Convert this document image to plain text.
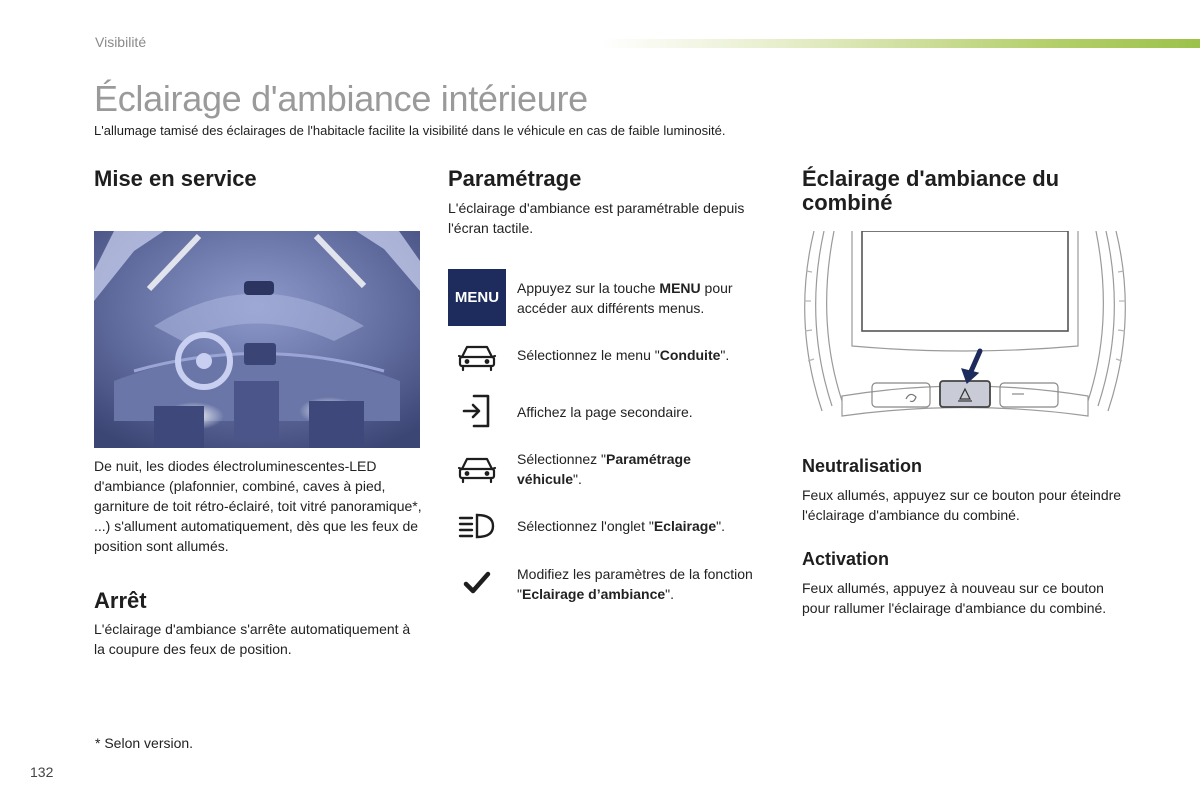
Visibilité
Éclairage d'ambiance intérieure

L'allumage tamisé des éclairages de l'habitacle facilite la visibilité dans le véhicule en cas de faible luminosité.

Mise en service

De nuit, les diodes électroluminescentes-LED d'ambiance (plafonnier, combiné, caves à pied, garniture de toit rétro-éclairé, toit vitré panoramique*, ...) s'allument automatiquement, dès que les feux de position sont allumés.

Arrêt

L'éclairage d'ambiance s'arrête automatiquement à la coupure des feux de position.

Paramétrage

L'éclairage d'ambiance est paramétrable depuis l'écran tactile.

MENU
Appuyez sur la touche MENU pour accéder aux différents menus.
Sélectionnez le menu "Conduite".
Affichez la page secondaire.
Sélectionnez "Paramétrage véhicule".
Sélectionnez l'onglet "Eclairage".
Modifiez les paramètres de la fonction "Eclairage d’ambiance".
Éclairage d'ambiance du combiné
Neutralisation

Feux allumés, appuyez sur ce bouton pour éteindre l'éclairage d'ambiance du combiné.

Activation

Feux allumés, appuyez à nouveau sur ce bouton pour rallumer l'éclairage d'ambiance du combiné.

* Selon version.
132
